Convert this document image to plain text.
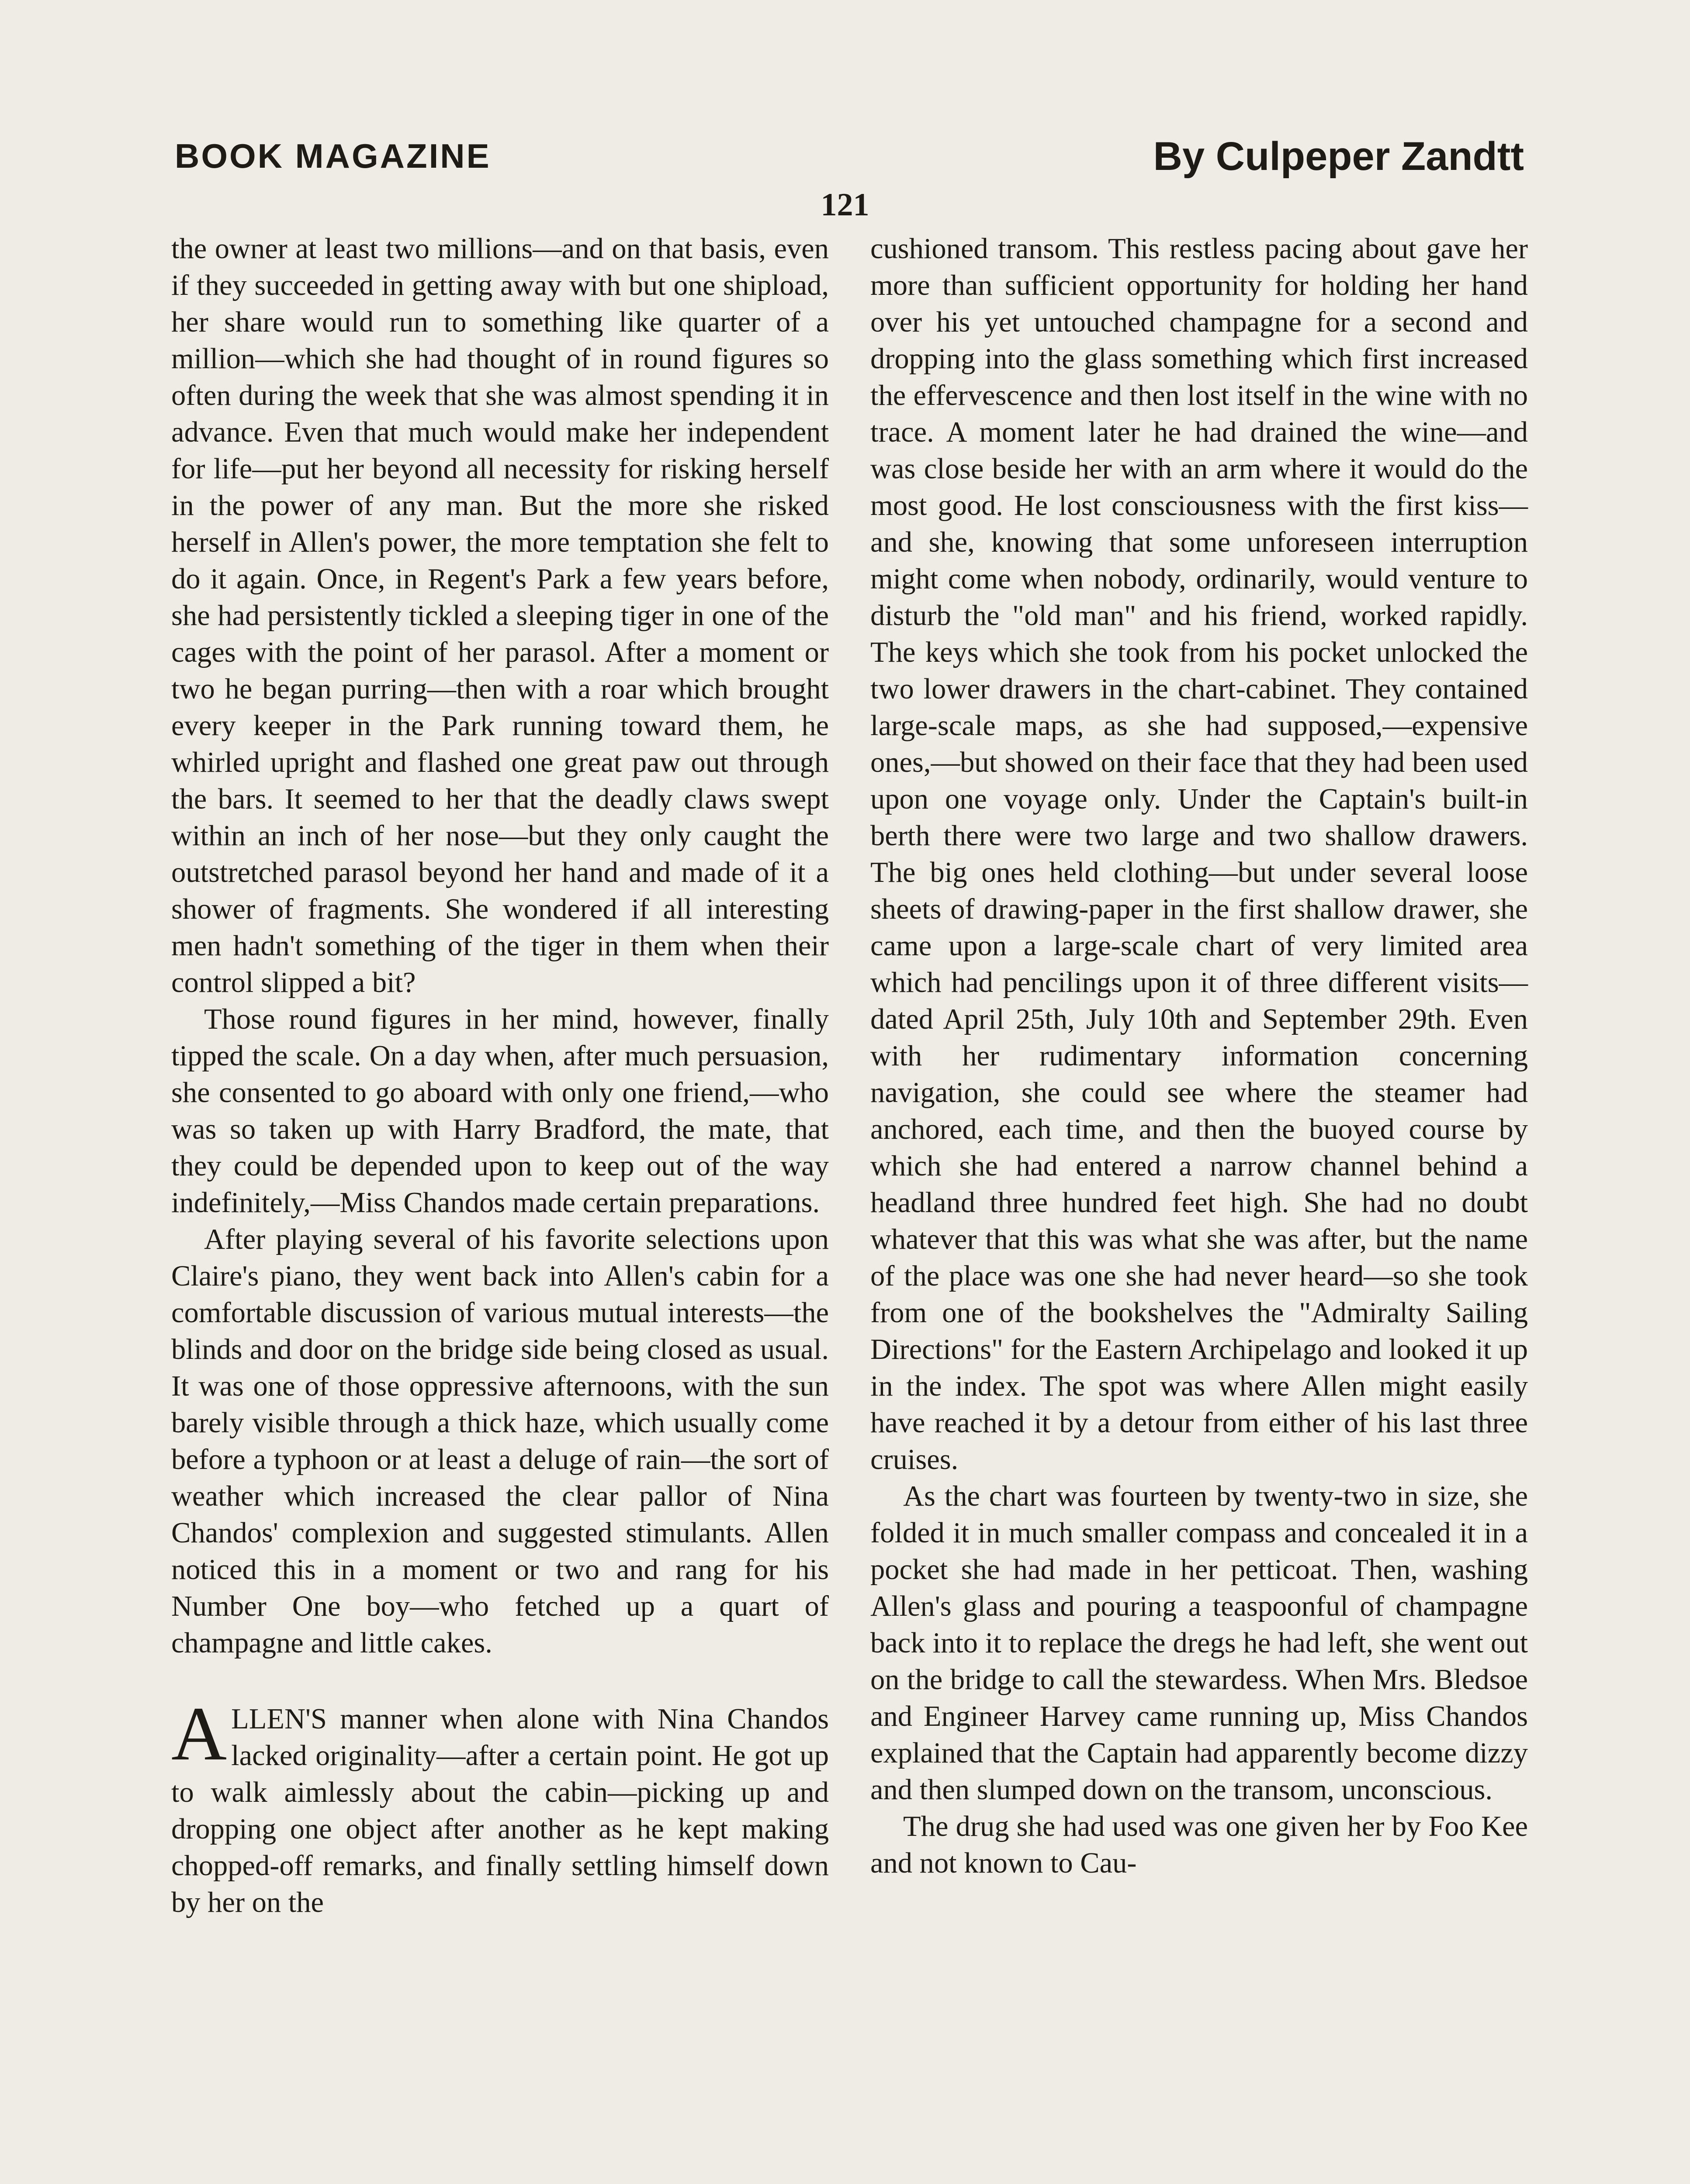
BOOK MAGAZINE	By Culpeper Zandtt
121

the owner at least two millions—and on that basis, even if they succeeded in getting away with but one shipload, her share would run to something like quarter of a million—which she had thought of in round figures so often during the week that she was almost spending it in advance. Even that much would make her independent for life—put her beyond all necessity for risking herself in the power of any man. But the more she risked herself in Allen's power, the more temptation she felt to do it again. Once, in Regent's Park a few years before, she had persistently tickled a sleeping tiger in one of the cages with the point of her parasol. After a moment or two he began purring—then with a roar which brought every keeper in the Park running toward them, he whirled upright and flashed one great paw out through the bars. It seemed to her that the deadly claws swept within an inch of her nose—but they only caught the outstretched parasol beyond her hand and made of it a shower of fragments. She wondered if all interesting men hadn't something of the tiger in them when their control slipped a bit?

Those round figures in her mind, however, finally tipped the scale. On a day when, after much persuasion, she consented to go aboard with only one friend,—who was so taken up with Harry Bradford, the mate, that they could be depended upon to keep out of the way indefinitely,—Miss Chandos made certain preparations.

After playing several of his favorite selections upon Claire's piano, they went back into Allen's cabin for a comfortable discussion of various mutual interests—the blinds and door on the bridge side being closed as usual. It was one of those oppressive afternoons, with the sun barely visible through a thick haze, which usually come before a typhoon or at least a deluge of rain—the sort of weather which increased the clear pallor of Nina Chandos' complexion and suggested stimulants. Allen noticed this in a moment or two and rang for his Number One boy—who fetched up a quart of champagne and little cakes.

ALLEN'S manner when alone with Nina Chandos lacked originality—after a certain point. He got up to walk aimlessly about the cabin—picking up and dropping one object after another as he kept making chopped-off remarks, and finally settling himself down by her on the

cushioned transom. This restless pacing about gave her more than sufficient opportunity for holding her hand over his yet untouched champagne for a second and dropping into the glass something which first increased the effervescence and then lost itself in the wine with no trace. A moment later he had drained the wine—and was close beside her with an arm where it would do the most good. He lost consciousness with the first kiss—and she, knowing that some unforeseen interruption might come when nobody, ordinarily, would venture to disturb the "old man" and his friend, worked rapidly. The keys which she took from his pocket unlocked the two lower drawers in the chart-cabinet. They contained large-scale maps, as she had supposed,—expensive ones,—but showed on their face that they had been used upon one voyage only. Under the Captain's built-in berth there were two large and two shallow drawers. The big ones held clothing—but under several loose sheets of drawing-paper in the first shallow drawer, she came upon a large-scale chart of very limited area which had pencilings upon it of three different visits—dated April 25th, July 10th and September 29th. Even with her rudimentary information concerning navigation, she could see where the steamer had anchored, each time, and then the buoyed course by which she had entered a narrow channel behind a headland three hundred feet high. She had no doubt whatever that this was what she was after, but the name of the place was one she had never heard—so she took from one of the bookshelves the "Admiralty Sailing Directions" for the Eastern Archipelago and looked it up in the index. The spot was where Allen might easily have reached it by a detour from either of his last three cruises.

As the chart was fourteen by twenty-two in size, she folded it in much smaller compass and concealed it in a pocket she had made in her petticoat. Then, washing Allen's glass and pouring a teaspoonful of champagne back into it to replace the dregs he had left, she went out on the bridge to call the stewardess. When Mrs. Bledsoe and Engineer Harvey came running up, Miss Chandos explained that the Captain had apparently become dizzy and then slumped down on the transom, unconscious.

The drug she had used was one given her by Foo Kee and not known to Cau-
